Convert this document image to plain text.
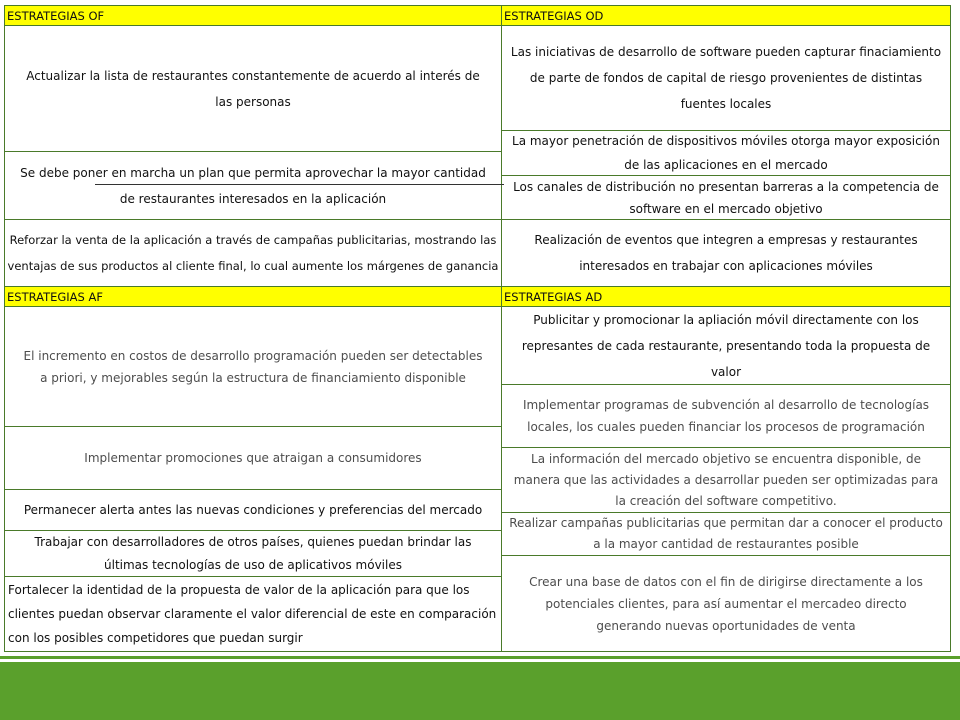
ESTRATEGIAS OF	ESTRATEGIAS OD
Actualizar la lista de restaurantes constantemente de acuerdo al interés de las personas
Se debe poner en marcha un plan que permita aprovechar la mayor cantidad de restaurantes interesados en la aplicación
Reforzar la venta de la aplicación a través de campañas publicitarias, mostrando las ventajas de sus productos al cliente final, lo cual aumente los márgenes de ganancia
Las iniciativas de desarrollo de software pueden capturar finaciamiento de parte de fondos de capital de riesgo provenientes de distintas fuentes locales
La mayor penetración de dispositivos móviles otorga mayor exposición de las aplicaciones en el mercado
Los canales de distribución no presentan barreras a la competencia de software en el mercado objetivo
Realización de eventos que integren a empresas y restaurantes interesados en trabajar con aplicaciones móviles
ESTRATEGIAS AF	ESTRATEGIAS AD
El incremento en costos de desarrollo programación pueden ser detectables a priori, y mejorables según la estructura de financiamiento disponible
Implementar promociones que atraigan a consumidores
Permanecer alerta antes las nuevas condiciones y preferencias del mercado
Trabajar con desarrolladores de otros países, quienes puedan brindar las últimas tecnologías de uso de aplicativos móviles
Fortalecer la identidad de la propuesta de valor de la aplicación para que los clientes puedan observar claramente el valor diferencial de este en comparación con los posibles competidores que puedan surgir
Publicitar y promocionar la apliación móvil directamente con los represantes de cada restaurante, presentando toda la propuesta de valor
Implementar programas de subvención al desarrollo de tecnologías locales, los cuales pueden financiar los procesos de programación
La información del mercado objetivo se encuentra disponible, de manera que las actividades a desarrollar pueden ser optimizadas para la creación del software competitivo.
Realizar campañas publicitarias que permitan dar a conocer el producto a la mayor cantidad de restaurantes posible
Crear una base de datos con el fin de dirigirse directamente a los potenciales clientes, para así aumentar el mercadeo directo generando nuevas oportunidades de venta
